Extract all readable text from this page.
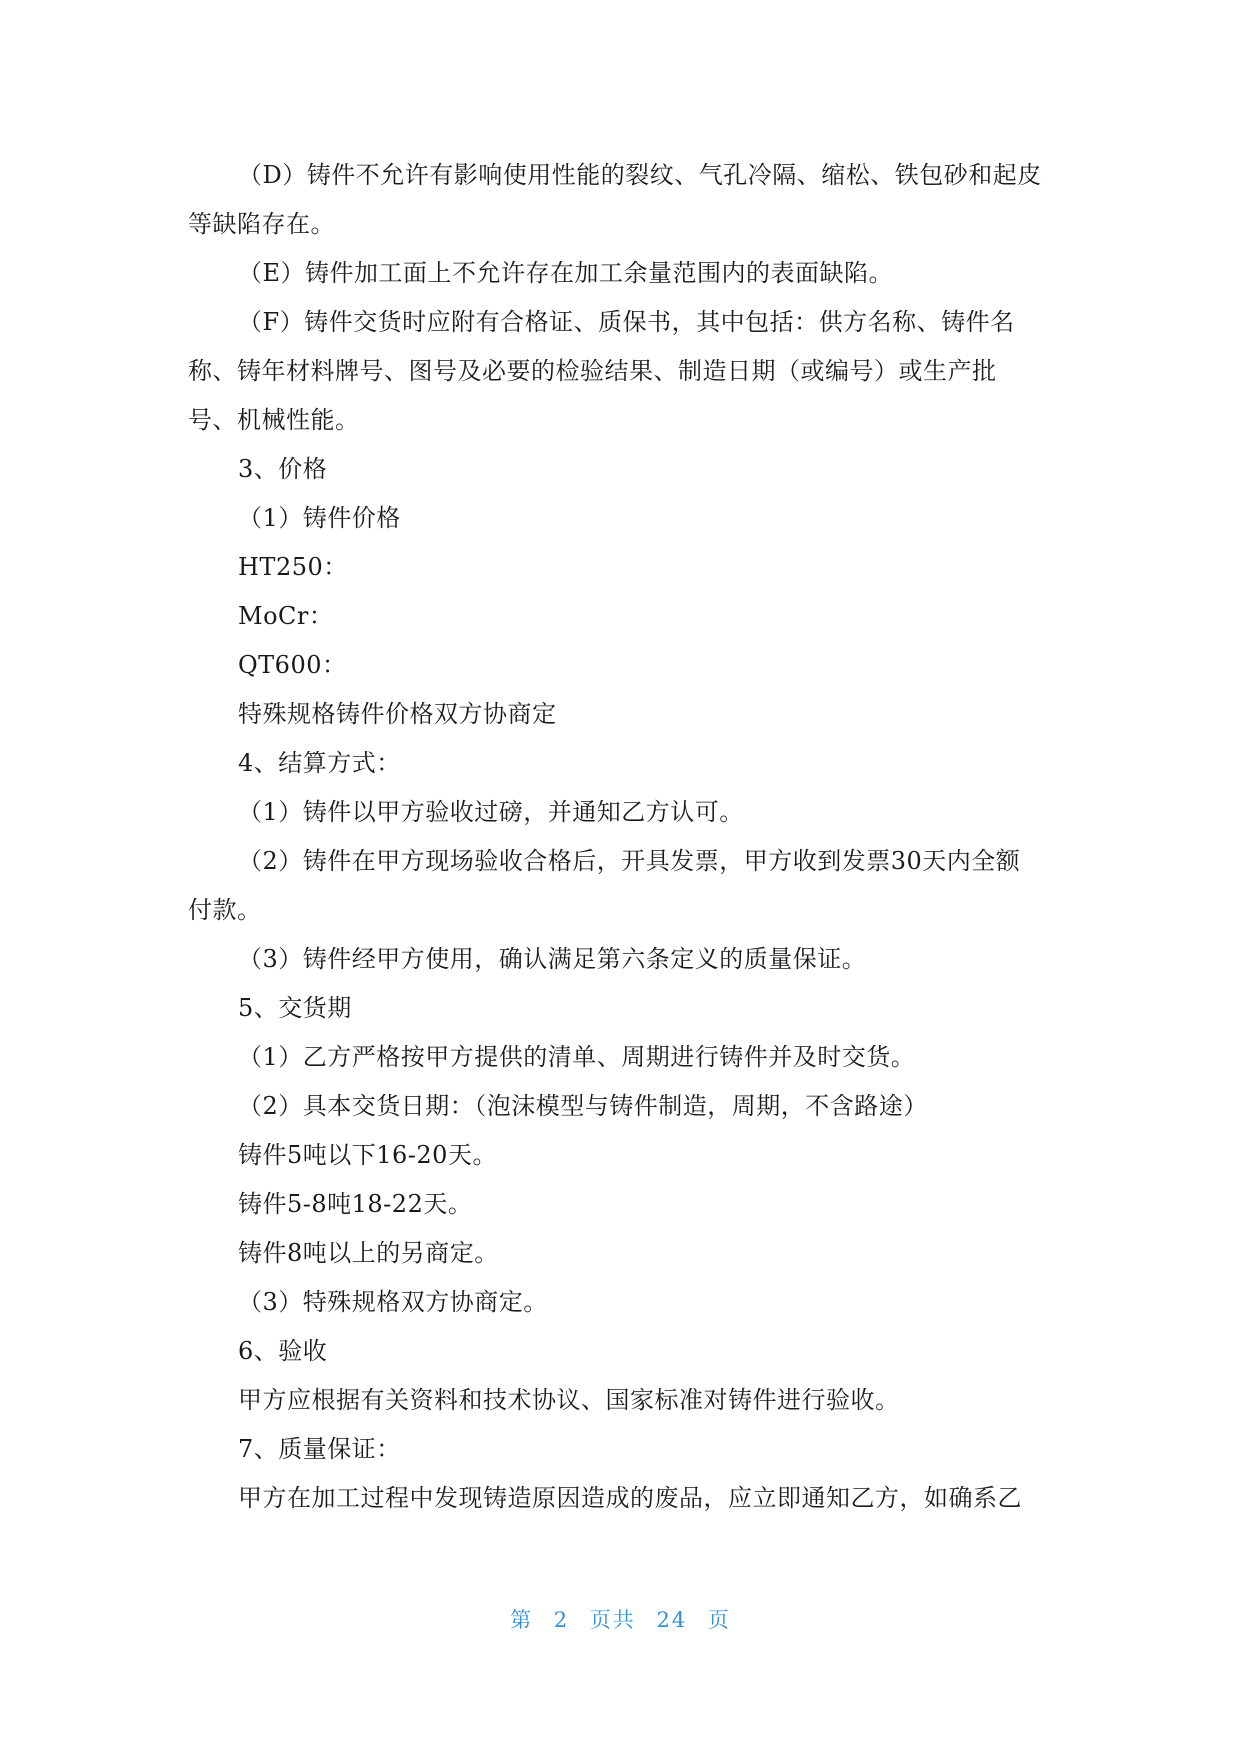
（D）铸件不允许有影响使用性能的裂纹、气孔冷隔、缩松、铁包砂和起皮
等缺陷存在。
（E）铸件加工面上不允许存在加工余量范围内的表面缺陷。
（F）铸件交货时应附有合格证、质保书，其中包括：供方名称、铸件名
称、铸年材料牌号、图号及必要的检验结果、制造日期（或编号）或生产批
号、机械性能。
3、价格
（1）铸件价格
HT250：
MoCr：
QT600：
特殊规格铸件价格双方协商定
4、结算方式：
（1）铸件以甲方验收过磅，并通知乙方认可。
（2）铸件在甲方现场验收合格后，开具发票，甲方收到发票30天内全额
付款。
（3）铸件经甲方使用，确认满足第六条定义的质量保证。
5、交货期
（1）乙方严格按甲方提供的清单、周期进行铸件并及时交货。
（2）具本交货日期：（泡沫模型与铸件制造，周期，不含路途）
铸件5吨以下16-20天。
铸件5-8吨18-22天。
铸件8吨以上的另商定。
（3）特殊规格双方协商定。
6、验收
甲方应根据有关资料和技术协议、国家标准对铸件进行验收。
7、质量保证：
甲方在加工过程中发现铸造原因造成的废品，应立即通知乙方，如确系乙
第 2 页共 24 页
